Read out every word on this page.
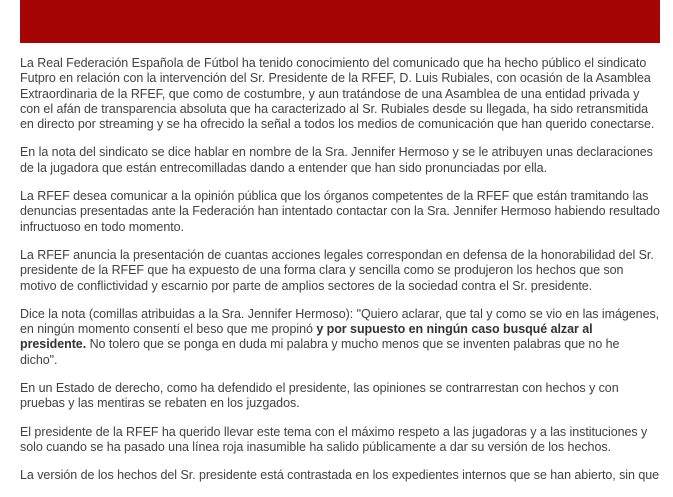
La Real Federación Española de Fútbol ha tenido conocimiento del comunicado que ha hecho público el sindicato Futpro en relación con la intervención del Sr. Presidente de la RFEF, D. Luis Rubiales, con ocasión de la Asamblea Extraordinaria de la RFEF, que como de costumbre, y aun tratándose de una Asamblea de una entidad privada y con el afán de transparencia absoluta que ha caracterizado al Sr. Rubiales desde su llegada, ha sido retransmitida en directo por streaming y se ha ofrecido la señal a todos los medios de comunicación que han querido conectarse.

En la nota del sindicato se dice hablar en nombre de la Sra. Jennifer Hermoso y se le atribuyen unas declaraciones de la jugadora que están entrecomilladas dando a entender que han sido pronunciadas por ella.

La RFEF desea comunicar a la opinión pública que los órganos competentes de la RFEF que están tramitando las denuncias presentadas ante la Federación han intentado contactar con la Sra. Jennifer Hermoso habiendo resultado infructuoso en todo momento.

La RFEF anuncia la presentación de cuantas acciones legales correspondan en defensa de la honorabilidad del Sr. presidente de la RFEF que ha expuesto de una forma clara y sencilla como se produjeron los hechos que son motivo de conflictividad y escarnio por parte de amplios sectores de la sociedad contra el Sr. presidente.

Dice la nota (comillas atribuidas a la Sra. Jennifer Hermoso): "Quiero aclarar, que tal y como se vio en las imágenes, en ningún momento consentí el beso que me propinó y por supuesto en ningún caso busqué alzar al presidente. No tolero que se ponga en duda mi palabra y mucho menos que se inventen palabras que no he dicho".

En un Estado de derecho, como ha defendido el presidente, las opiniones se contrarrestan con hechos y con pruebas y las mentiras se rebaten en los juzgados.

El presidente de la RFEF ha querido llevar este tema con el máximo respeto a las jugadoras y a las instituciones y solo cuando se ha pasado una línea roja inasumible ha salido públicamente a dar su versión de los hechos.

La versión de los hechos del Sr. presidente está contrastada en los expedientes internos que se han abierto, sin que
